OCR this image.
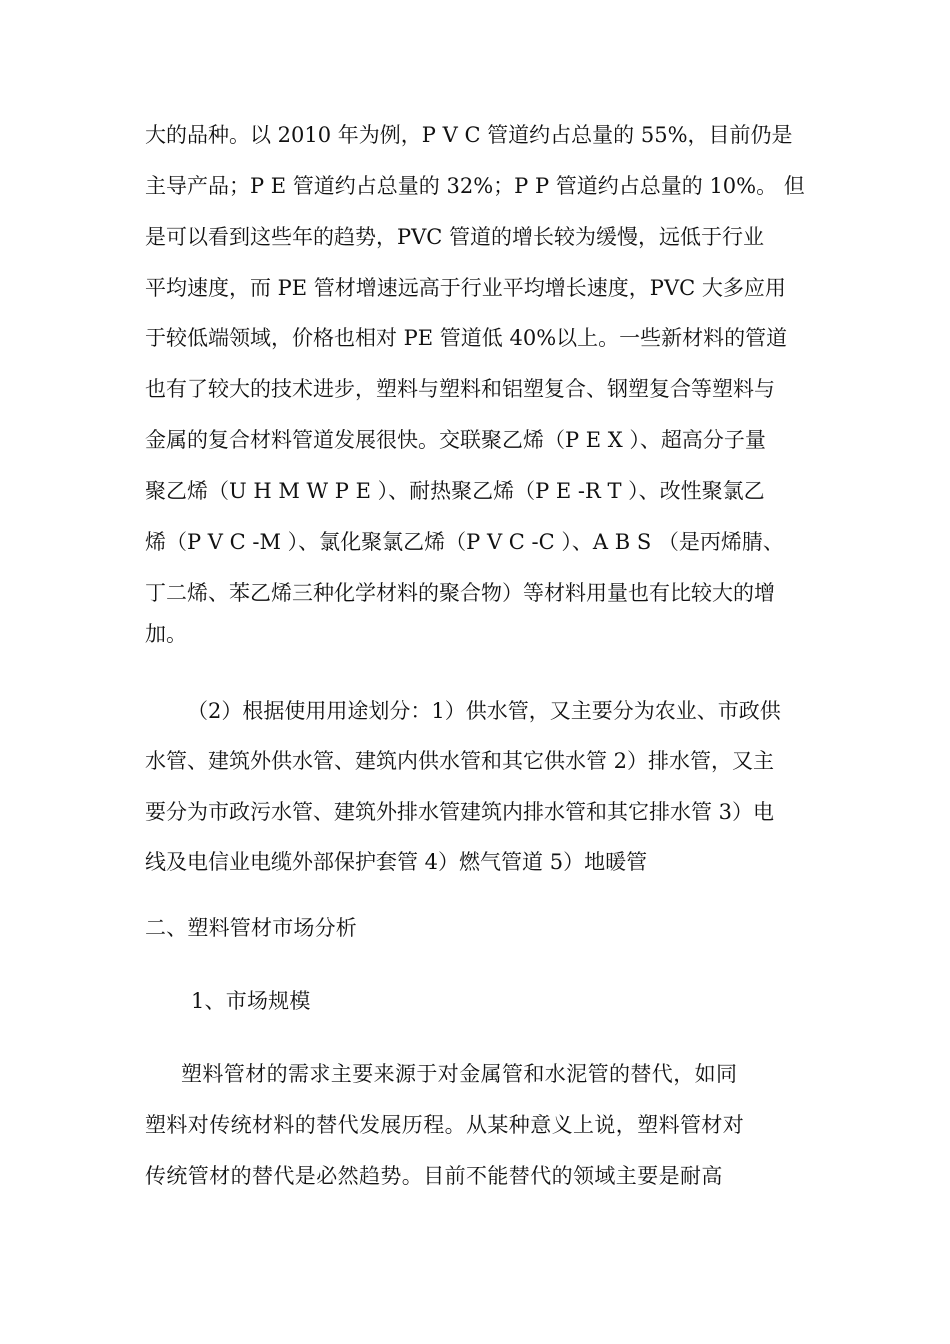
大的品种。以 2010 年为例，P V C 管道约占总量的 55%，目前仍是
主导产品；P E 管道约占总量的 32%；P P 管道约占总量的 10%。 但
是可以看到这些年的趋势，PVC 管道的增长较为缓慢，远低于行业
平均速度，而 PE 管材增速远高于行业平均增长速度，PVC 大多应用
于较低端领域，价格也相对 PE 管道低 40%以上。一些新材料的管道
也有了较大的技术进步，塑料与塑料和铝塑复合、钢塑复合等塑料与
金属的复合材料管道发展很快。交联聚乙烯（P E X ）、超高分子量
聚乙烯（U H M W P E ）、耐热聚乙烯（P E -R T ）、改性聚氯乙
烯（P V C -M ）、氯化聚氯乙烯（P V C -C ）、A B S （是丙烯腈、
丁二烯、苯乙烯三种化学材料的聚合物）等材料用量也有比较大的增
加。
（2）根据使用用途划分：1）供水管，又主要分为农业、市政供
水管、建筑外供水管、建筑内供水管和其它供水管 2）排水管，又主
要分为市政污水管、建筑外排水管建筑内排水管和其它排水管 3）电
线及电信业电缆外部保护套管 4）燃气管道 5）地暖管
二、塑料管材市场分析
1、市场规模
塑料管材的需求主要来源于对金属管和水泥管的替代，如同
塑料对传统材料的替代发展历程。从某种意义上说，塑料管材对
传统管材的替代是必然趋势。目前不能替代的领域主要是耐高
